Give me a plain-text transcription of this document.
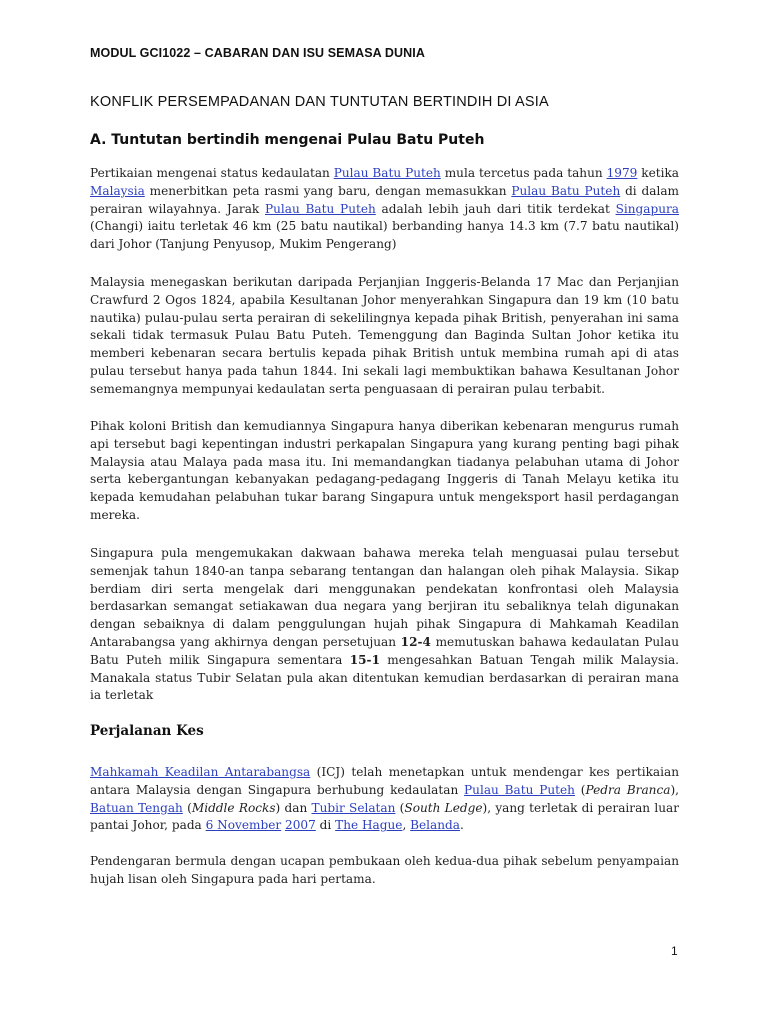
MODUL GCI1022 – CABARAN DAN ISU SEMASA DUNIA
KONFLIK PERSEMPADANAN DAN TUNTUTAN BERTINDIH DI ASIA
A. Tuntutan bertindih mengenai Pulau Batu Puteh

Pertikaian mengenai status kedaulatan Pulau Batu Puteh mula tercetus pada tahun 1979 ketika Malaysia menerbitkan peta rasmi yang baru, dengan memasukkan Pulau Batu Puteh di dalam perairan wilayahnya. Jarak Pulau Batu Puteh adalah lebih jauh dari titik terdekat Singapura (Changi) iaitu terletak 46 km (25 batu nautikal) berbanding hanya 14.3 km (7.7 batu nautikal) dari Johor (Tanjung Penyusop, Mukim Pengerang)

Malaysia menegaskan berikutan daripada Perjanjian Inggeris-Belanda 17 Mac dan Perjanjian Crawfurd 2 Ogos 1824, apabila Kesultanan Johor menyerahkan Singapura dan 19 km (10 batu nautika) pulau-pulau serta perairan di sekelilingnya kepada pihak British, penyerahan ini sama sekali tidak termasuk Pulau Batu Puteh. Temenggung dan Baginda Sultan Johor ketika itu memberi kebenaran secara bertulis kepada pihak British untuk membina rumah api di atas pulau tersebut hanya pada tahun 1844. Ini sekali lagi membuktikan bahawa Kesultanan Johor sememangnya mempunyai kedaulatan serta penguasaan di perairan pulau terbabit.

Pihak koloni British dan kemudiannya Singapura hanya diberikan kebenaran mengurus rumah api tersebut bagi kepentingan industri perkapalan Singapura yang kurang penting bagi pihak Malaysia atau Malaya pada masa itu. Ini memandangkan tiadanya pelabuhan utama di Johor serta kebergantungan kebanyakan pedagang-pedagang Inggeris di Tanah Melayu ketika itu kepada kemudahan pelabuhan tukar barang Singapura untuk mengeksport hasil perdagangan mereka.

Singapura pula mengemukakan dakwaan bahawa mereka telah menguasai pulau tersebut semenjak tahun 1840-an tanpa sebarang tentangan dan halangan oleh pihak Malaysia. Sikap berdiam diri serta mengelak dari menggunakan pendekatan konfrontasi oleh Malaysia berdasarkan semangat setiakawan dua negara yang berjiran itu sebaliknya telah digunakan dengan sebaiknya di dalam penggulungan hujah pihak Singapura di Mahkamah Keadilan Antarabangsa yang akhirnya dengan persetujuan 12-4 memutuskan bahawa kedaulatan Pulau Batu Puteh milik Singapura sementara 15-1 mengesahkan Batuan Tengah milik Malaysia. Manakala status Tubir Selatan pula akan ditentukan kemudian berdasarkan di perairan mana ia terletak

Perjalanan Kes

Mahkamah Keadilan Antarabangsa (ICJ) telah menetapkan untuk mendengar kes pertikaian antara Malaysia dengan Singapura berhubung kedaulatan Pulau Batu Puteh (Pedra Branca), Batuan Tengah (Middle Rocks) dan Tubir Selatan (South Ledge), yang terletak di perairan luar pantai Johor, pada 6 November 2007 di The Hague, Belanda.

Pendengaran bermula dengan ucapan pembukaan oleh kedua-dua pihak sebelum penyampaian hujah lisan oleh Singapura pada hari pertama.

1
